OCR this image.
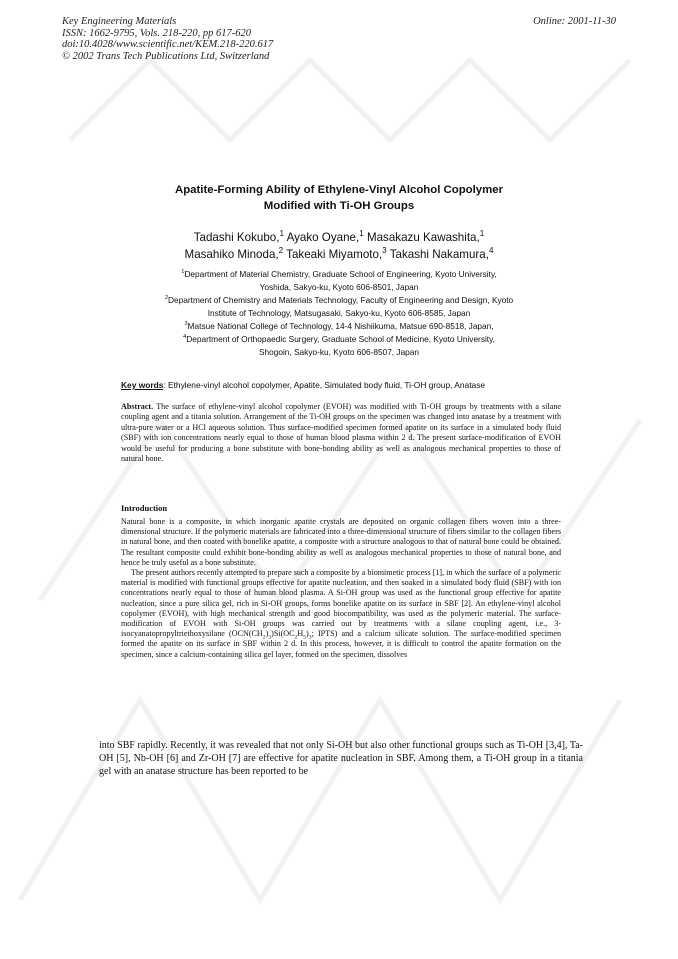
Key Engineering Materials
ISSN: 1662-9795, Vols. 218-220, pp 617-620
doi:10.4028/www.scientific.net/KEM.218-220.617
© 2002 Trans Tech Publications Ltd, Switzerland
Online: 2001-11-30
Apatite-Forming Ability of Ethylene-Vinyl Alcohol Copolymer
Modified with Ti-OH Groups
Tadashi Kokubo,$^1$ Ayako Oyane,$^1$ Masakazu Kawashita,$^1$
Masahiko Minoda,$^2$ Takeaki Miyamoto,$^3$ Takashi Nakamura,$^4$
$^1$Department of Material Chemistry, Graduate School of Engineering, Kyoto University,
Yoshida, Sakyo-ku, Kyoto 606-8501, Japan
$^2$Department of Chemistry and Materials Technology, Faculty of Engineering and Design, Kyoto
Institute of Technology, Matsugasaki, Sakyo-ku, Kyoto 606-8585, Japan
$^3$Matsue National College of Technology, 14-4 Nishiikuma, Matsue 690-8518, Japan,
$^4$Department of Orthopaedic Surgery, Graduate School of Medicine, Kyoto University,
Shogoin, Sakyo-ku, Kyoto 606-8507, Japan
Key words: Ethylene-vinyl alcohol copolymer, Apatite, Simulated body fluid, Ti-OH group, Anatase
Abstract. The surface of ethylene-vinyl alcohol copolymer (EVOH) was modified with Ti-OH groups by treatments with a silane coupling agent and a titania solution. Arrangement of the Ti-OH groups on the specimen was changed into anatase by a treatment with ultra-pure water or a HCl aqueous solution. Thus surface-modified specimen formed apatite on its surface in a simulated body fluid (SBF) with ion concentrations nearly equal to those of human blood plasma within 2 d. The present surface-modification of EVOH would be useful for producing a bone substitute with bone-bonding ability as well as analogous mechanical properties to those of natural bone.
Introduction

Natural bone is a composite, in which inorganic apatite crystals are deposited on organic collagen fibers woven into a three-dimensional structure. If the polymeric materials are fabricated into a three-dimensional structure of fibers similar to the collagen fibers in natural bone, and then coated with bonelike apatite, a composite with a structure analogous to that of natural bone could be obtained. The resultant composite could exhibit bone-bonding ability as well as analogous mechanical properties to those of natural bone, and hence be truly useful as a bone substitute.

The present authors recently attempted to prepare such a composite by a biomimetic process [1], in which the surface of a polymeric material is modified with functional groups effective for apatite nucleation, and then soaked in a simulated body fluid (SBF) with ion concentrations nearly equal to those of human blood plasma. A Si-OH group was used as the functional group effective for apatite nucleation, since a pure silica gel, rich in Si-OH groups, forms bonelike apatite on its surface in SBF [2]. An ethylene-vinyl alcohol copolymer (EVOH), with high mechanical strength and good biocompatibility, was used as the polymeric material. The surface-modification of EVOH with Si-OH groups was carried out by treatments with a silane coupling agent, i.e., 3-isocyanatopropyltriethoxysilane $(OCN(CH_2)_3)Si(OC_2H_5)_3$; IPTS) and a calcium silicate solution. The surface-modified specimen formed the apatite on its surface in SBF within 2 d. In this process, however, it is difficult to control the apatite formation on the specimen, since a calcium-containing silica gel layer, formed on the specimen, dissolves

into SBF rapidly. Recently, it was revealed that not only Si-OH but also other functional groups such as Ti-OH [3,4], Ta-OH [5], Nb-OH [6] and Zr-OH [7] are effective for apatite nucleation in SBF. Among them, a Ti-OH group in a titania gel with an anatase structure has been reported to be
